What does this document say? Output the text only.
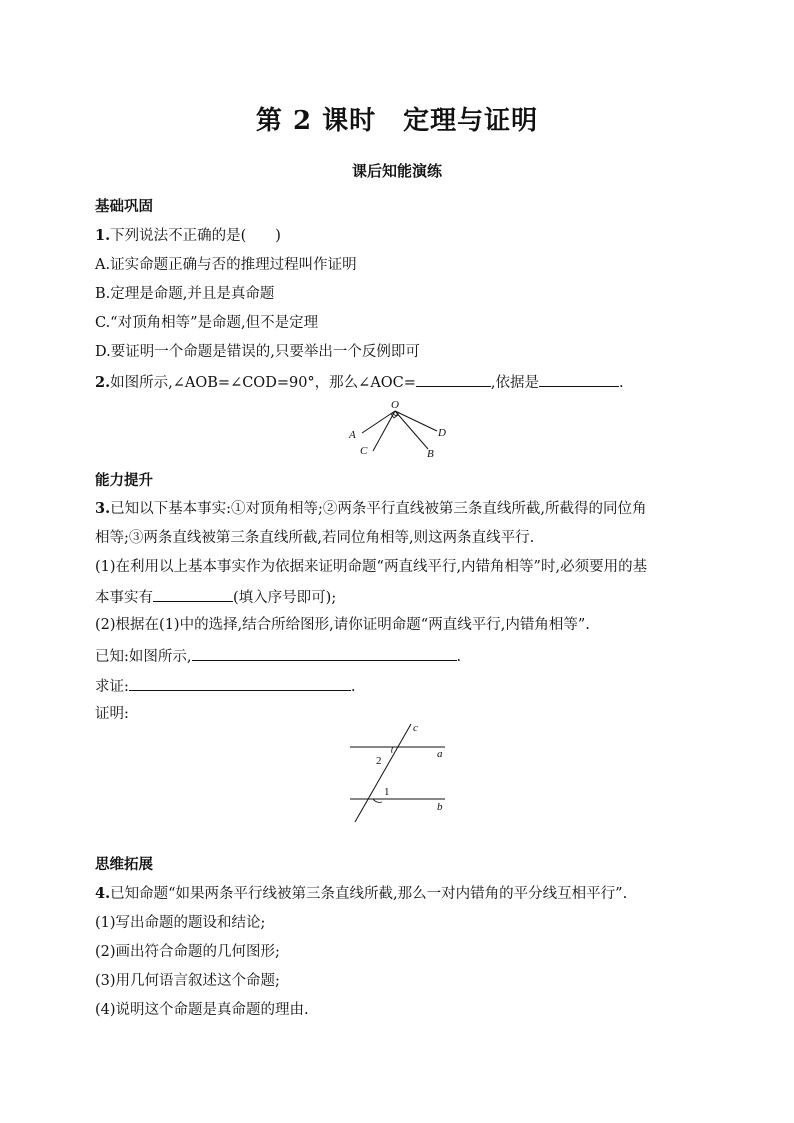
第 2 课时　定理与证明
课后知能演练
基础巩固
1.下列说法不正确的是(　　)
A.证实命题正确与否的推理过程叫作证明
B.定理是命题,并且是真命题
C.“对顶角相等”是命题,但不是定理
D.要证明一个命题是错误的,只要举出一个反例即可
2.如图所示,∠AOB=∠COD=90°，那么∠AOC=	,依据是	.
O
A
C	B
D
能力提升
3.已知以下基本事实:①对顶角相等;②两条平行直线被第三条直线所截,所截得的同位角
相等;③两条直线被第三条直线所截,若同位角相等,则这两条直线平行.
(1)在利用以上基本事实作为依据来证明命题“两直线平行,内错角相等”时,必须要用的基
本事实有	(填入序号即可);
(2)根据在(1)中的选择,结合所给图形,请你证明命题“两直线平行,内错角相等”.
已知:如图所示,	.
求证:	.
证明:
c
a
b
1
2
思维拓展
4.已知命题“如果两条平行线被第三条直线所截,那么一对内错角的平分线互相平行”.
(1)写出命题的题设和结论;
(2)画出符合命题的几何图形;
(3)用几何语言叙述这个命题;
(4)说明这个命题是真命题的理由.
